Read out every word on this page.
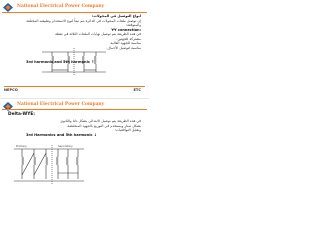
National Electrical Power Company
انواع التوصيل في المحولات:
إن توصيل ملفات المحولات في الدائرة يتم تبعاً لنوع الاستخدام وطبيعته المختلفة
والمتوقعة:
Y-Y connection:
في هذه الطريقة يتم توصيل نهايات الملفات الثلاثة في نقطة
مشتركة للجهتين.
مناسبة للجهود العالية.
مناسبة لتوصيل الأحمال.
3rd harmonic and 5th harmonic ↑
NEPCO	ETC
National Electrical Power Company
Delta-WYE:
في هذه الطريقة يتم توصيل الابتدائي بشكل دلتا والثانوي
بشكل ستار ويستخدم في التوزيع بالجهود المنخفضة
وتقليل التوافقيات:
3rd Harmonics and 5th harmonic ↓
Primary	Secondary
